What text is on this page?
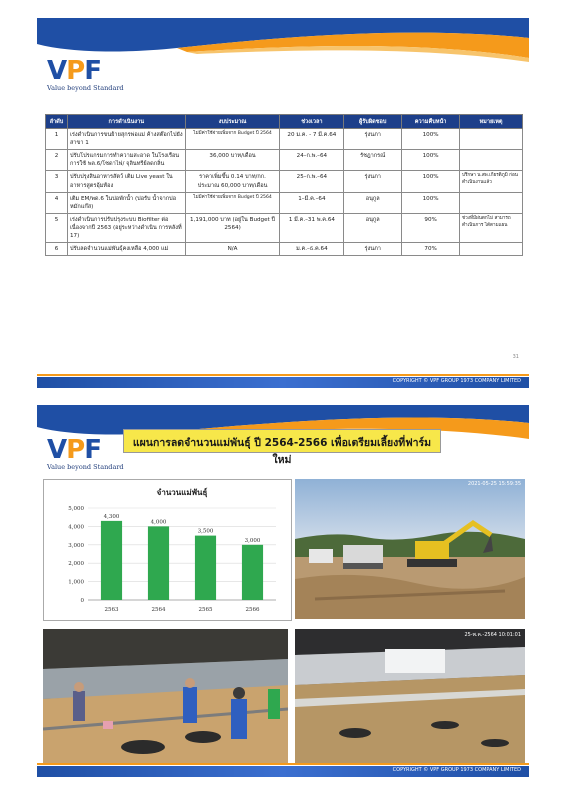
VPF
Value beyond Standard
ลำดับ	การดำเนินงาน	งบประมาณ	ช่วงเวลา	ผู้รับผิดชอบ	ความคืบหน้า	หมายเหตุ
1	เร่งดำเนินการขนย้ายสุกรพ่อแม่ ค้างสต๊อกไปยัง สาขา 1	ไม่มีค่าใช้จ่ายเพิ่มจาก Budget ปี 2564	20 ม.ค. - 7 มี.ค.64	รุ่งนภา	100%	
2	ปรับโปรแกรมการทำความสะอาด ในโรงเรือนการใช้ พล.6/โซดาไฟ/ จุลินทรีย์ลดกลิ่น	36,000 บาท/เดือน	24–ก.พ.–64	รัชฎากรณ์	100%	
3	ปรับปรุงสินอาหารสัตว์ เติม Live yeast ในอาหารสูตรอุ้มท้อง	ราคาเพิ่มขึ้น 0.14 บาท/กก. ประมาณ 60,000 บาท/เดือน	25–ก.พ.–64	รุ่งนภา	100%	ปรึกษา น.สพ.เกียรติภูมิ ก่อนดำเนินงานแล้ว
4	เติม EM/พด.6 ในบ่อพักน้ำ (บ่อรับ น้ำจากบ่อหมักแก๊ส)	ไม่มีค่าใช้จ่ายเพิ่มจาก Budget ปี 2564	1–มี.ค.–64	อนุกูล	100%	
5	เร่งดำเนินการปรับปรุงระบบ Biofilter ต่อเนื่องจากปี 2563 (อยู่ระหว่างดำเนิน การหลังที่ 17)	1,191,000 บาท (อยู่ใน Budget ปี 2564)	1 มี.ค.–31 พ.ค.64	อนุกูล	90%	ช่วงที่มีฝนตกไม่ สามารถดำเนินการ ได้ตามแผน
6	ปรับลดจำนวนแม่พันธุ์คงเหลือ 4,000 แม่	N/A	ม.ค.–ธ.ค.64	รุ่งนภา	70%	
31
COPYRIGHT © VPF GROUP 1973 COMPANY LIMITED
VPF
Value beyond Standard
แผนการลดจำนวนแม่พันธุ์ ปี 2564-2566 เพื่อเตรียมเลี้ยงที่ฟาร์มใหม่
จำนวนแม่พันธุ์
0
1,000
2,000
3,000
4,000
5,000
4,300
2563
4,000
2564
3,500
2565
3,000
2566
2021-05-25 15:59:35
25-พ.ค.-2564 10:01:01
COPYRIGHT © VPF GROUP 1973 COMPANY LIMITED
